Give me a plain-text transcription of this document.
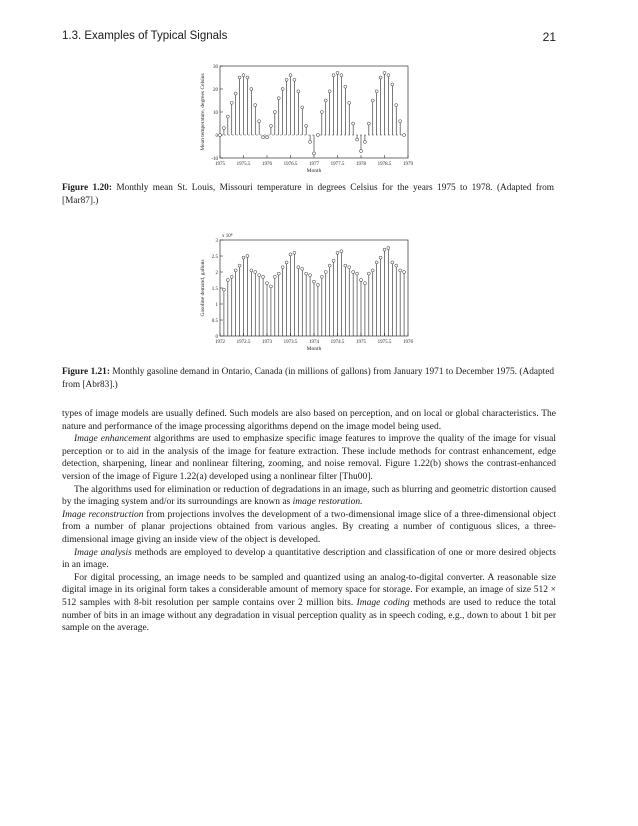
1.3. Examples of Typical Signals	21
-10
0
10
20
30
1975 1975.5 1976 1976.5 1977 1977.5 1978 1978.5 1979
Month
Mean temperature, degrees Celsius
Figure 1.20: Monthly mean St. Louis, Missouri temperature in degrees Celsius for the years 1975 to 1978. (Adapted from [Mar87].)
0
0.5
1
1.5
2
2.5
3
1972 1972.5 1973 1973.5 1974 1974.5 1975 1975.5 1976
Month
Gasoline demand, gallons
x 10⁸
Figure 1.21: Monthly gasoline demand in Ontario, Canada (in millions of gallons) from January 1971 to December 1975. (Adapted from [Abr83].)

types of image models are usually defined. Such models are also based on perception, and on local or global characteristics. The nature and performance of the image processing algorithms depend on the image model being used.

Image enhancement algorithms are used to emphasize specific image features to improve the quality of the image for visual perception or to aid in the analysis of the image for feature extraction. These include methods for contrast enhancement, edge detection, sharpening, linear and nonlinear filtering, zooming, and noise removal. Figure 1.22(b) shows the contrast-enhanced version of the image of Figure 1.22(a) developed using a nonlinear filter [Thu00].

The algorithms used for elimination or reduction of degradations in an image, such as blurring and geometric distortion caused by the imaging system and/or its surroundings are known as image restoration.

Image reconstruction from projections involves the development of a two-dimensional image slice of a three-dimensional object from a number of planar projections obtained from various angles. By creating a number of contiguous slices, a three-dimensional image giving an inside view of the object is developed.

Image analysis methods are employed to develop a quantitative description and classification of one or more desired objects in an image.

For digital processing, an image needs to be sampled and quantized using an analog-to-digital converter. A reasonable size digital image in its original form takes a considerable amount of memory space for storage. For example, an image of size 512 × 512 samples with 8-bit resolution per sample contains over 2 million bits. Image coding methods are used to reduce the total number of bits in an image without any degradation in visual perception quality as in speech coding, e.g., down to about 1 bit per sample on the average.
